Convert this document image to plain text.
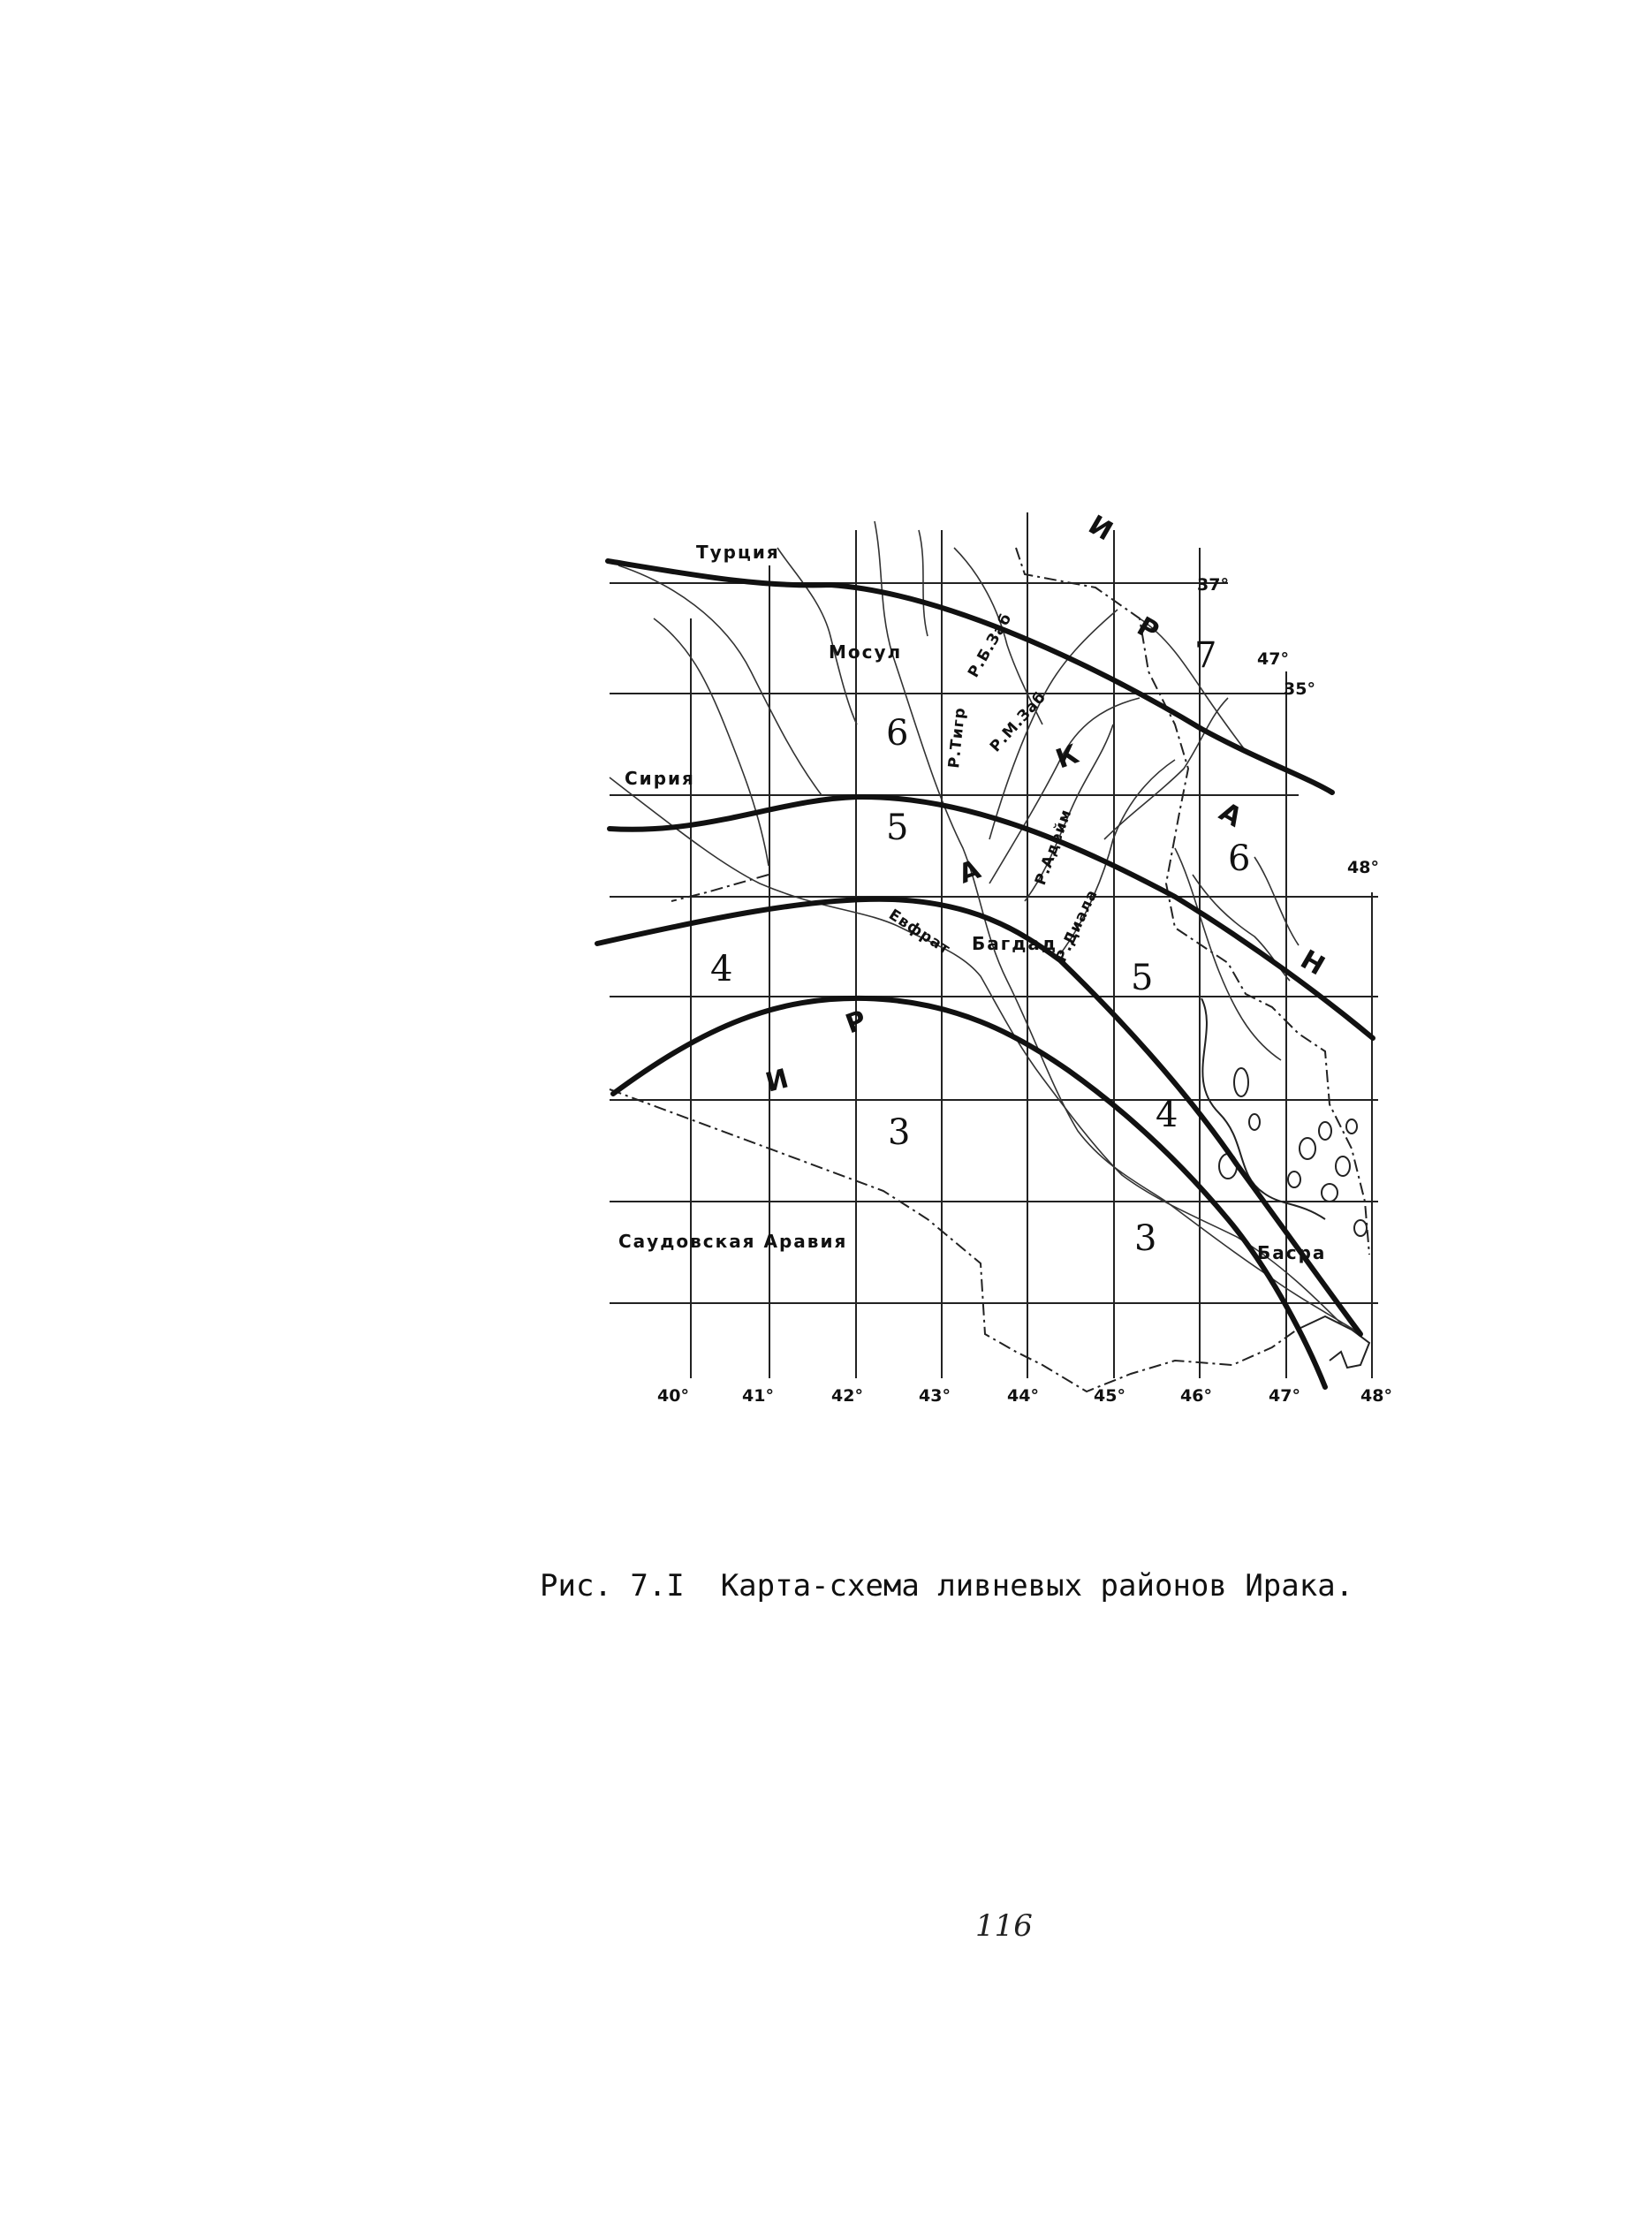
Турция
Сирия
Саудовская Аравия
Мосул
Багдад
Басра
Р.Тигр
Евфрат
Р.Б.Заб
Р.М.Заб
Р.Адейм
Р.Диала
И
Р
А
К
И
Р
А
Н
7
6
6
5
5
4
4
3
3
40°	41°	42°	43°	44°	45°	46°	47°	48°
37°
35°
47°
48°
Рис. 7.I  Карта-схема ливневых районов Ирака.
116
